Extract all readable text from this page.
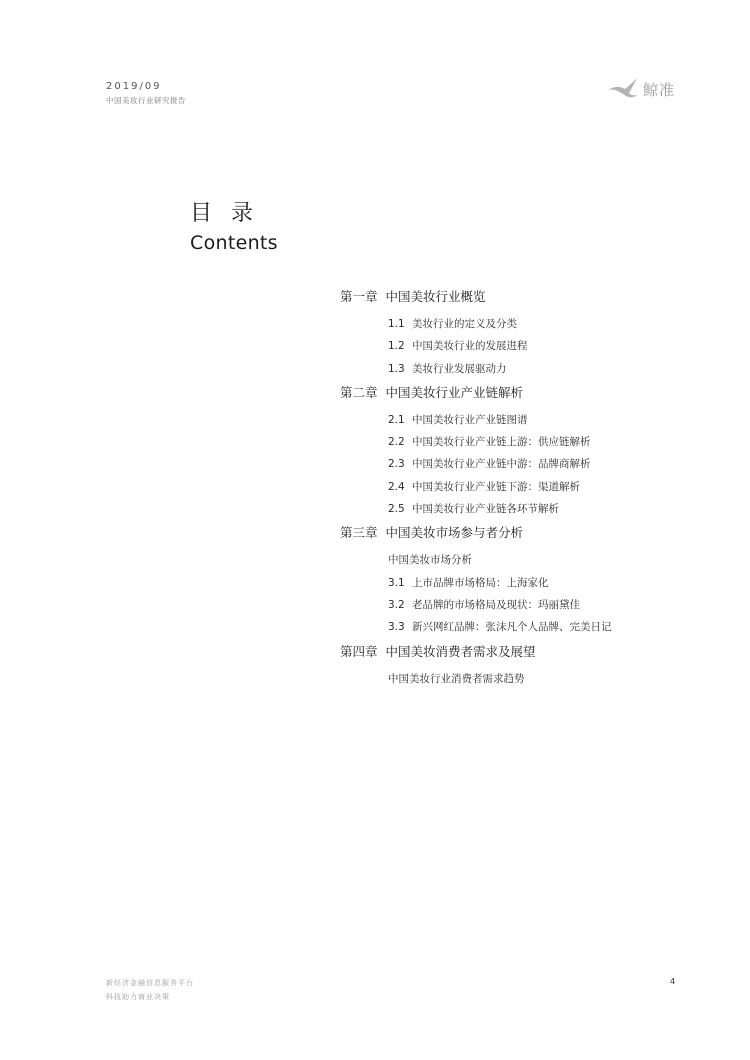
2019/09
中国美妆行业研究报告
鲸准
目 录
Contents
第一章 中国美妆行业概览
1.1 美妆行业的定义及分类
1.2 中国美妆行业的发展进程
1.3 美妆行业发展驱动力
第二章 中国美妆行业产业链解析
2.1 中国美妆行业产业链图谱
2.2 中国美妆行业产业链上游：供应链解析
2.3 中国美妆行业产业链中游：品牌商解析
2.4 中国美妆行业产业链下游：渠道解析
2.5 中国美妆行业产业链各环节解析
第三章 中国美妆市场参与者分析
中国美妆市场分析
3.1 上市品牌市场格局：上海家化
3.2 老品牌的市场格局及现状：玛丽黛佳
3.3 新兴网红品牌：张沫凡个人品牌、完美日记
第四章 中国美妆消费者需求及展望
中国美妆行业消费者需求趋势
新经济金融信息服务平台
科技助力商业决策
4
